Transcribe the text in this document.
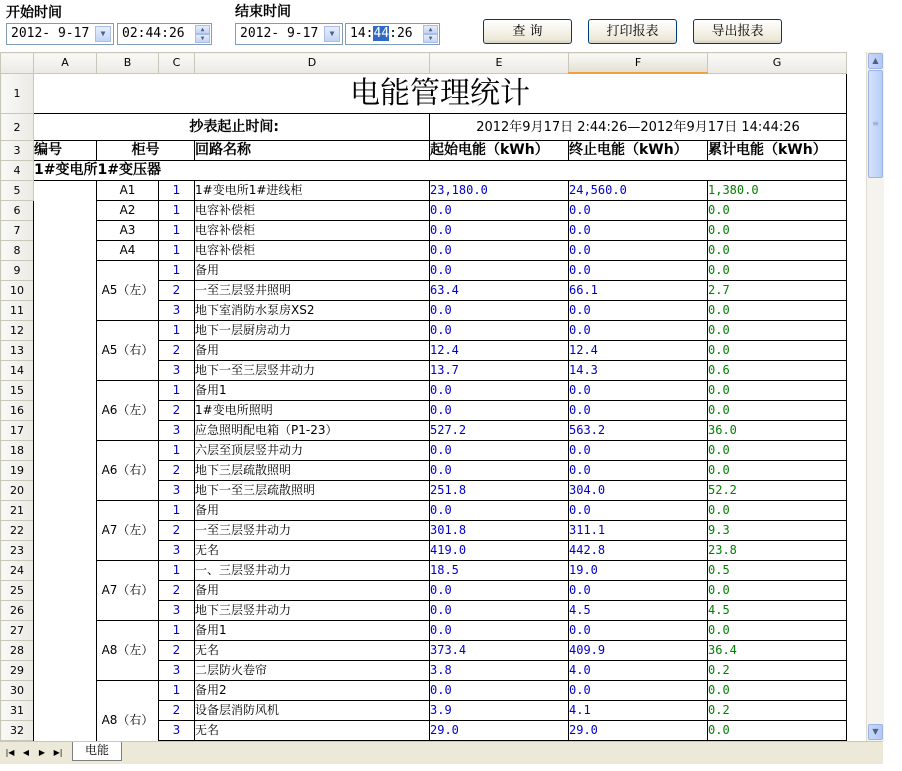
开始时间	结束时间
2012- 9-17	▼	02:44:26	▲
▼	2012- 9-17	▼	14:44:26	▲
▼	查 询	打印报表	导出报表
	A	B	C	D	E	F	G
1	电能管理统计						
2	抄表起止时间:				2012年9月17日 2:44:26—2012年9月17日 14:44:26		
3	编号	柜号		回路名称	起始电能（kWh）	终止电能（kWh）	累计电能（kWh）
4	1#变电所1#变压器						
5		A1	1	1#变电所1#进线柜	23,180.0	24,560.0	1,380.0
6		A2	1	电容补偿柜	0.0	0.0	0.0
7		A3	1	电容补偿柜	0.0	0.0	0.0
8		A4	1	电容补偿柜	0.0	0.0	0.0
9		A5（左）	1	备用	0.0	0.0	0.0
10			2	一至三层竖井照明	63.4	66.1	2.7
11			3	地下室消防水泵房XS2	0.0	0.0	0.0
12		A5（右）	1	地下一层厨房动力	0.0	0.0	0.0
13			2	备用	12.4	12.4	0.0
14			3	地下一至三层竖井动力	13.7	14.3	0.6
15		A6（左）	1	备用1	0.0	0.0	0.0
16			2	1#变电所照明	0.0	0.0	0.0
17			3	应急照明配电箱（P1-23）	527.2	563.2	36.0
18		A6（右）	1	六层至顶层竖井动力	0.0	0.0	0.0
19			2	地下三层疏散照明	0.0	0.0	0.0
20			3	地下一至三层疏散照明	251.8	304.0	52.2
21		A7（左）	1	备用	0.0	0.0	0.0
22			2	一至三层竖井动力	301.8	311.1	9.3
23			3	无名	419.0	442.8	23.8
24		A7（右）	1	一、三层竖井动力	18.5	19.0	0.5
25			2	备用	0.0	0.0	0.0
26			3	地下三层竖井动力	0.0	4.5	4.5
27		A8（左）	1	备用1	0.0	0.0	0.0
28			2	无名	373.4	409.9	36.4
29			3	二层防火卷帘	3.8	4.0	0.2
30		A8（右）	1	备用2	0.0	0.0	0.0
31			2	设备层消防风机	3.9	4.1	0.2
32			3	无名	29.0	29.0	0.0

▲
≡
▼
|◀	◀	▶	▶|	电能
